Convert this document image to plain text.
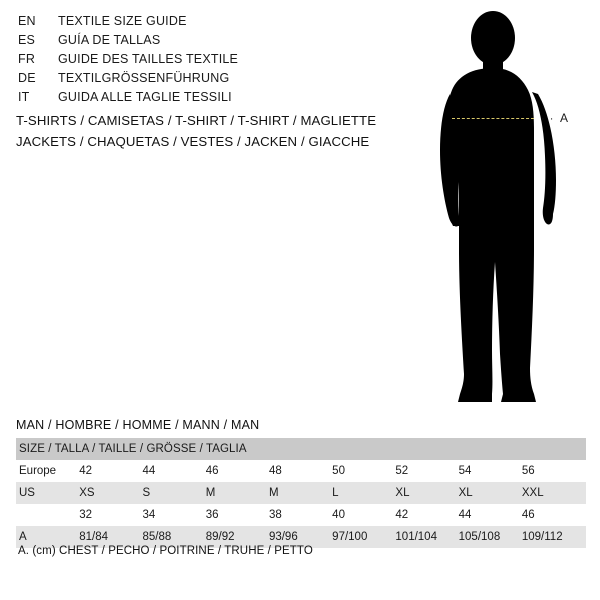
EN	TEXTILE SIZE GUIDE
ES	GUÍA DE TALLAS
FR	GUIDE DES TAILLES TEXTILE
DE	TEXTILGRÖSSENFÜHRUNG
IT	GUIDA ALLE TAGLIE TESSILI
T-SHIRTS / CAMISETAS / T-SHIRT / T-SHIRT / MAGLIETTE
JACKETS / CHAQUETAS / VESTES / JACKEN / GIACCHE
· · A
MAN / HOMBRE / HOMME / MANN / MAN
SIZE / TALLA / TAILLE / GRÖSSE / TAGLIA								
Europe	42	44	46	48	50	52	54	56
US	XS	S	M	M	L	XL	XL	XXL
	32	34	36	38	40	42	44	46
A	81/84	85/88	89/92	93/96	97/100	101/104	105/108	109/112
A. (cm) CHEST / PECHO / POITRINE / TRUHE / PETTO
